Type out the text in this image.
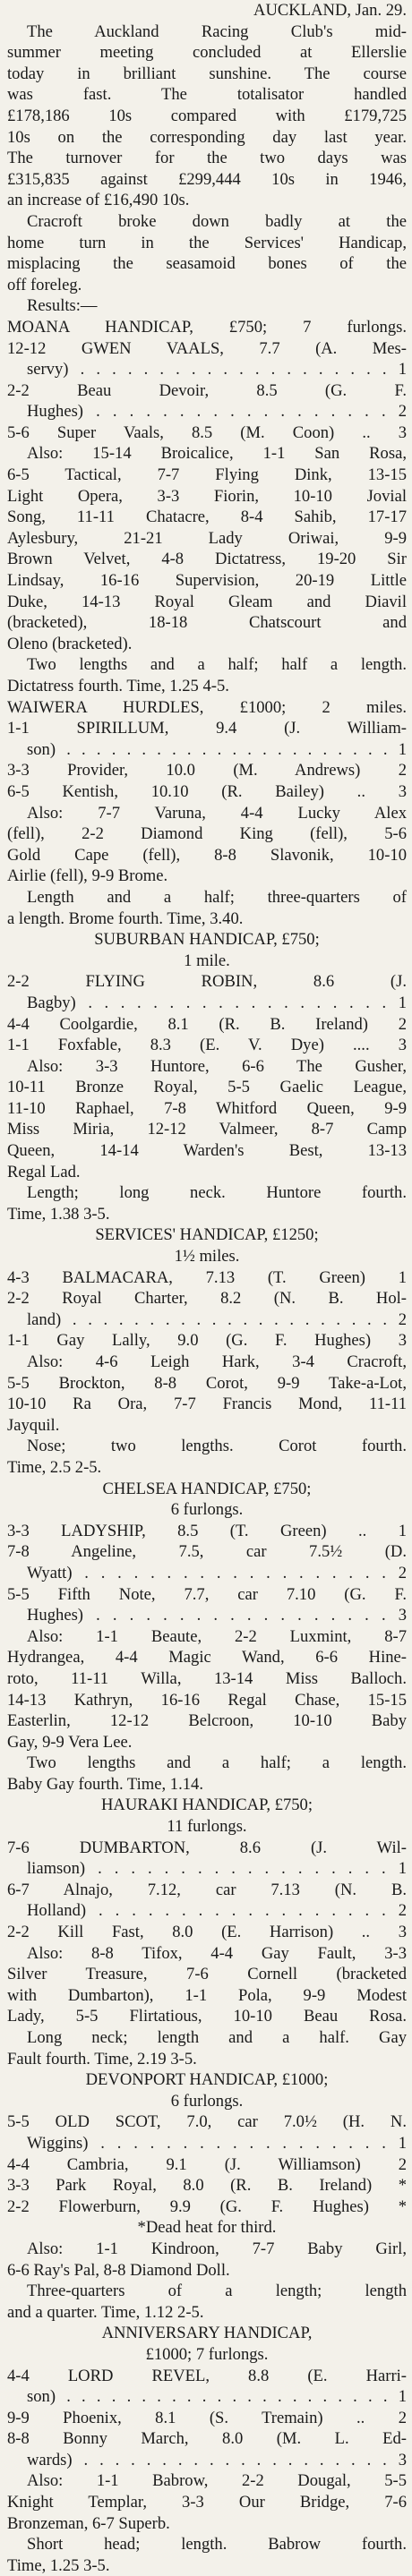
AUCKLAND, Jan. 29.
The Auckland Racing Club's mid-
summer meeting concluded at Ellerslie
today in brilliant sunshine. The course
was fast. The totalisator handled
£178,186 10s compared with £179,725
10s on the corresponding day last year.
The turnover for the two days was
£315,835 against £299,444 10s in 1946,
an increase of £16,490 10s.
Cracroft broke down badly at the
home turn in the Services' Handicap,
misplacing the seasamoid bones of the
off foreleg.
Results:—
MOANA HANDICAP, £750; 7 furlongs.
12-12 GWEN VAALS, 7.7 (A. Mes-
servy) . . . . . . . . . . . . . . . . . . . . 1
2-2 Beau Devoir, 8.5 (G. F.
Hughes) . . . . . . . . . . . . . . . . . . 2
5-6 Super Vaals, 8.5 (M. Coon) .. 3
Also: 15-14 Broicalice, 1-1 San Rosa,
6-5 Tactical, 7-7 Flying Dink, 13-15
Light Opera, 3-3 Fiorin, 10-10 Jovial
Song, 11-11 Chatacre, 8-4 Sahib, 17-17
Aylesbury, 21-21 Lady Oriwai, 9-9
Brown Velvet, 4-8 Dictatress, 19-20 Sir
Lindsay, 16-16 Supervision, 20-19 Little
Duke, 14-13 Royal Gleam and Diavil
(bracketed), 18-18 Chatscourt and
Oleno (bracketed).
Two lengths and a half; half a length.
Dictatress fourth. Time, 1.25 4-5.
WAIWERA HURDLES, £1000; 2 miles.
1-1 SPIRILLUM, 9.4 (J. William-
son) . . . . . . . . . . . . . . . . . . . . . . 1
3-3 Provider, 10.0 (M. Andrews) 2
6-5 Kentish, 10.10 (R. Bailey) .. 3
Also: 7-7 Varuna, 4-4 Lucky Alex
(fell), 2-2 Diamond King (fell), 5-6
Gold Cape (fell), 8-8 Slavonik, 10-10
Airlie (fell), 9-9 Brome.
Length and a half; three-quarters of
a length. Brome fourth. Time, 3.40.
SUBURBAN HANDICAP, £750;
1 mile.
2-2 FLYING ROBIN, 8.6 (J.
Bagby) . . . . . . . . . . . . . . . . . . . 1
4-4 Coolgardie, 8.1 (R. B. Ireland) 2
1-1 Foxfable, 8.3 (E. V. Dye) .... 3
Also: 3-3 Huntore, 6-6 The Gusher,
10-11 Bronze Royal, 5-5 Gaelic League,
11-10 Raphael, 7-8 Whitford Queen, 9-9
Miss Miria, 12-12 Valmeer, 8-7 Camp
Queen, 14-14 Warden's Best, 13-13
Regal Lad.
Length; long neck. Huntore fourth.
Time, 1.38 3-5.
SERVICES' HANDICAP, £1250;
1½ miles.
4-3 BALMACARA, 7.13 (T. Green) 1
2-2 Royal Charter, 8.2 (N. B. Hol-
land) . . . . . . . . . . . . . . . . . . . . . 2
1-1 Gay Lally, 9.0 (G. F. Hughes) 3
Also: 4-6 Leigh Hark, 3-4 Cracroft,
5-5 Brockton, 8-8 Corot, 9-9 Take-a-Lot,
10-10 Ra Ora, 7-7 Francis Mond, 11-11
Jayquil.
Nose; two lengths. Corot fourth.
Time, 2.5 2-5.
CHELSEA HANDICAP, £750;
6 furlongs.
3-3 LADYSHIP, 8.5 (T. Green) .. 1
7-8 Angeline, 7.5, car 7.5½ (D.
Wyatt) . . . . . . . . . . . . . . . . . . . 2
5-5 Fifth Note, 7.7, car 7.10 (G. F.
Hughes) . . . . . . . . . . . . . . . . . . 3
Also: 1-1 Beaute, 2-2 Luxmint, 8-7
Hydrangea, 4-4 Magic Wand, 6-6 Hine-
roto, 11-11 Willa, 13-14 Miss Balloch.
14-13 Kathryn, 16-16 Regal Chase, 15-15
Easterlin, 12-12 Belcroon, 10-10 Baby
Gay, 9-9 Vera Lee.
Two lengths and a half; a length.
Baby Gay fourth. Time, 1.14.
HAURAKI HANDICAP, £750;
11 furlongs.
7-6 DUMBARTON, 8.6 (J. Wil-
liamson) . . . . . . . . . . . . . . . . . . 1
6-7 Alnajo, 7.12, car 7.13 (N. B.
Holland) . . . . . . . . . . . . . . . . . . 2
2-2 Kill Fast, 8.0 (E. Harrison) .. 3
Also: 8-8 Tifox, 4-4 Gay Fault, 3-3
Silver Treasure, 7-6 Cornell (bracketed
with Dumbarton), 1-1 Pola, 9-9 Modest
Lady, 5-5 Flirtatious, 10-10 Beau Rosa.
Long neck; length and a half. Gay
Fault fourth. Time, 2.19 3-5.
DEVONPORT HANDICAP, £1000;
6 furlongs.
5-5 OLD SCOT, 7.0, car 7.0½ (H. N.
Wiggins) . . . . . . . . . . . . . . . . . . 1
4-4 Cambria, 9.1 (J. Williamson) 2
3-3 Park Royal, 8.0 (R. B. Ireland) *
2-2 Flowerburn, 9.9 (G. F. Hughes) *
*Dead heat for third.
Also: 1-1 Kindroon, 7-7 Baby Girl,
6-6 Ray's Pal, 8-8 Diamond Doll.
Three-quarters of a length; length
and a quarter. Time, 1.12 2-5.
ANNIVERSARY HANDICAP,
£1000; 7 furlongs.
4-4 LORD REVEL, 8.8 (E. Harri-
son) . . . . . . . . . . . . . . . . . . . . . . 1
9-9 Phoenix, 8.1 (S. Tremain) .. 2
8-8 Bonny March, 8.0 (M. L. Ed-
wards) . . . . . . . . . . . . . . . . . . . . 3
Also: 1-1 Babrow, 2-2 Dougal, 5-5
Knight Templar, 3-3 Our Bridge, 7-6
Bronzeman, 6-7 Superb.
Short head; length. Babrow fourth.
Time, 1.25 3-5.
